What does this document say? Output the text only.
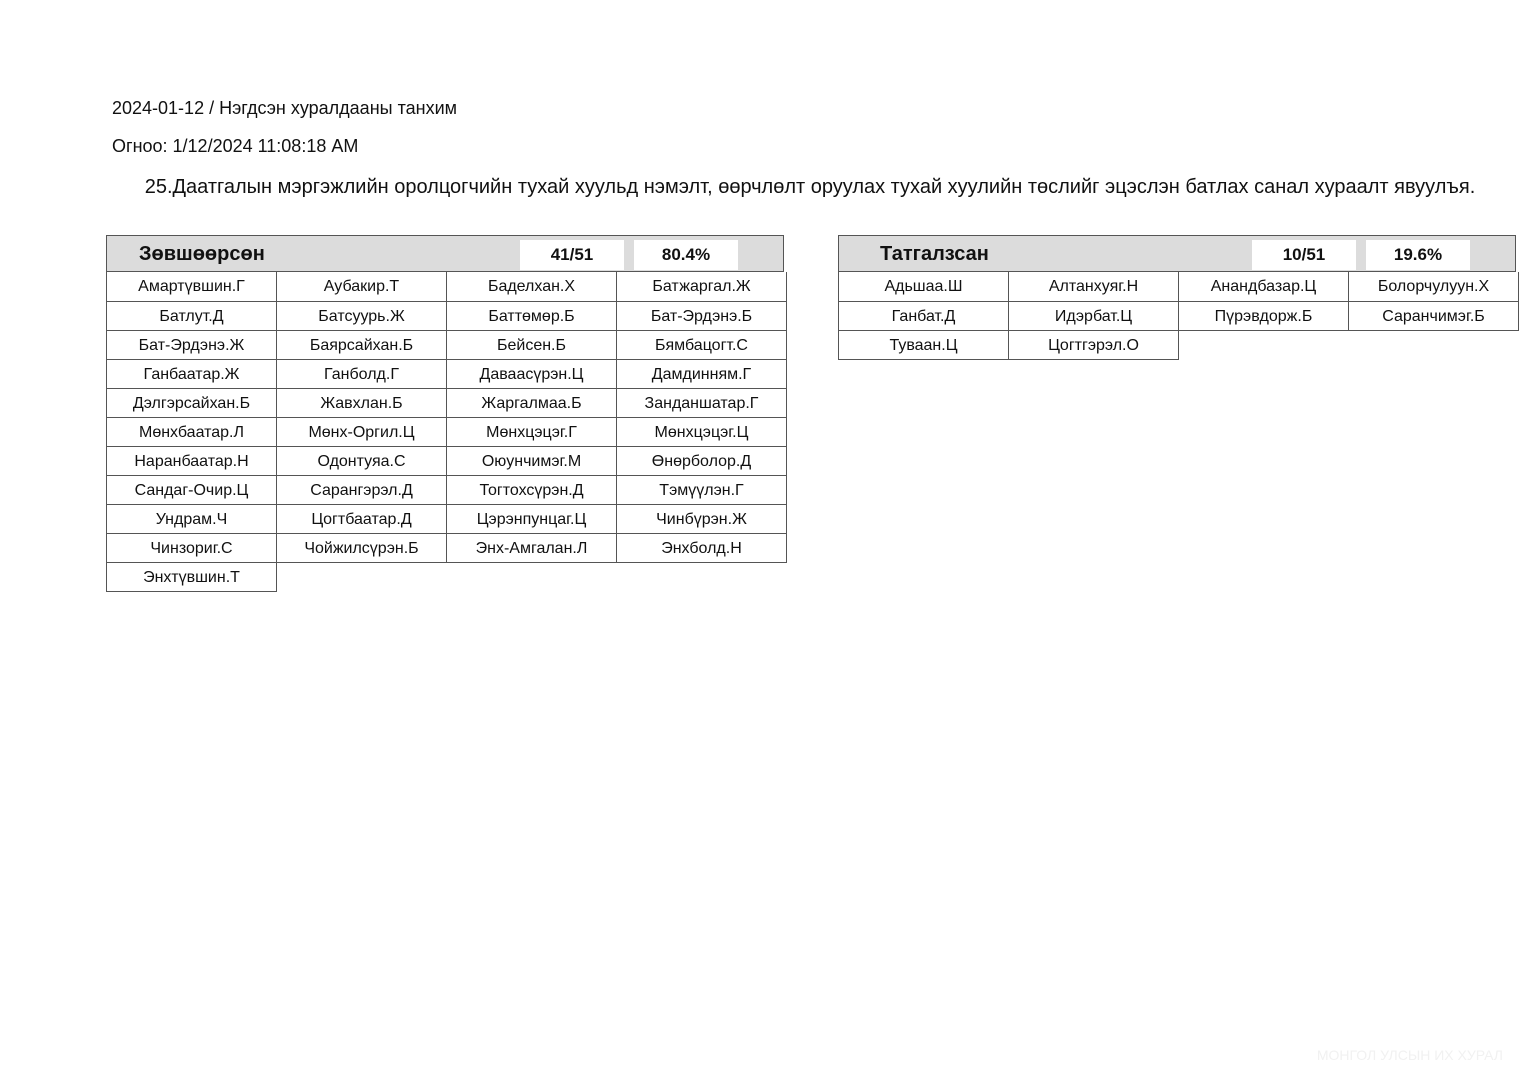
2024-01-12 / Нэгдсэн хуралдааны танхим
Огноо: 1/12/2024 11:08:18 AM
25.Даатгалын мэргэжлийн оролцогчийн тухай хуульд нэмэлт, өөрчлөлт оруулах тухай хуулийн төслийг эцэслэн батлах санал хураалт явуулъя.
Зөвшөөрсөн	41/51	80.4%
Амартүвшин.Г	Аубакир.Т	Баделхан.Х	Батжаргал.Ж
Батлут.Д	Батсуурь.Ж	Баттөмөр.Б	Бат-Эрдэнэ.Б
Бат-Эрдэнэ.Ж	Баярсайхан.Б	Бейсен.Б	Бямбацогт.С
Ганбаатар.Ж	Ганболд.Г	Даваасүрэн.Ц	Дамдинням.Г
Дэлгэрсайхан.Б	Жавхлан.Б	Жаргалмаа.Б	Занданшатар.Г
Мөнхбаатар.Л	Мөнх-Оргил.Ц	Мөнхцэцэг.Г	Мөнхцэцэг.Ц
Наранбаатар.Н	Одонтуяа.С	Оюунчимэг.М	Өнөрболор.Д
Сандаг-Очир.Ц	Сарангэрэл.Д	Тогтохсүрэн.Д	Тэмүүлэн.Г
Ундрам.Ч	Цогтбаатар.Д	Цэрэнпунцаг.Ц	Чинбүрэн.Ж
Чинзориг.С	Чойжилсүрэн.Б	Энх-Амгалан.Л	Энхболд.Н
Энхтүвшин.Т
Татгалзсан	10/51	19.6%
Адьшаа.Ш	Алтанхуяг.Н	Анандбазар.Ц	Болорчулуун.Х
Ганбат.Д	Идэрбат.Ц	Пүрэвдорж.Б	Саранчимэг.Б
Туваан.Ц	Цогтгэрэл.О
МОНГОЛ УЛСЫН ИХ ХУРАЛ
